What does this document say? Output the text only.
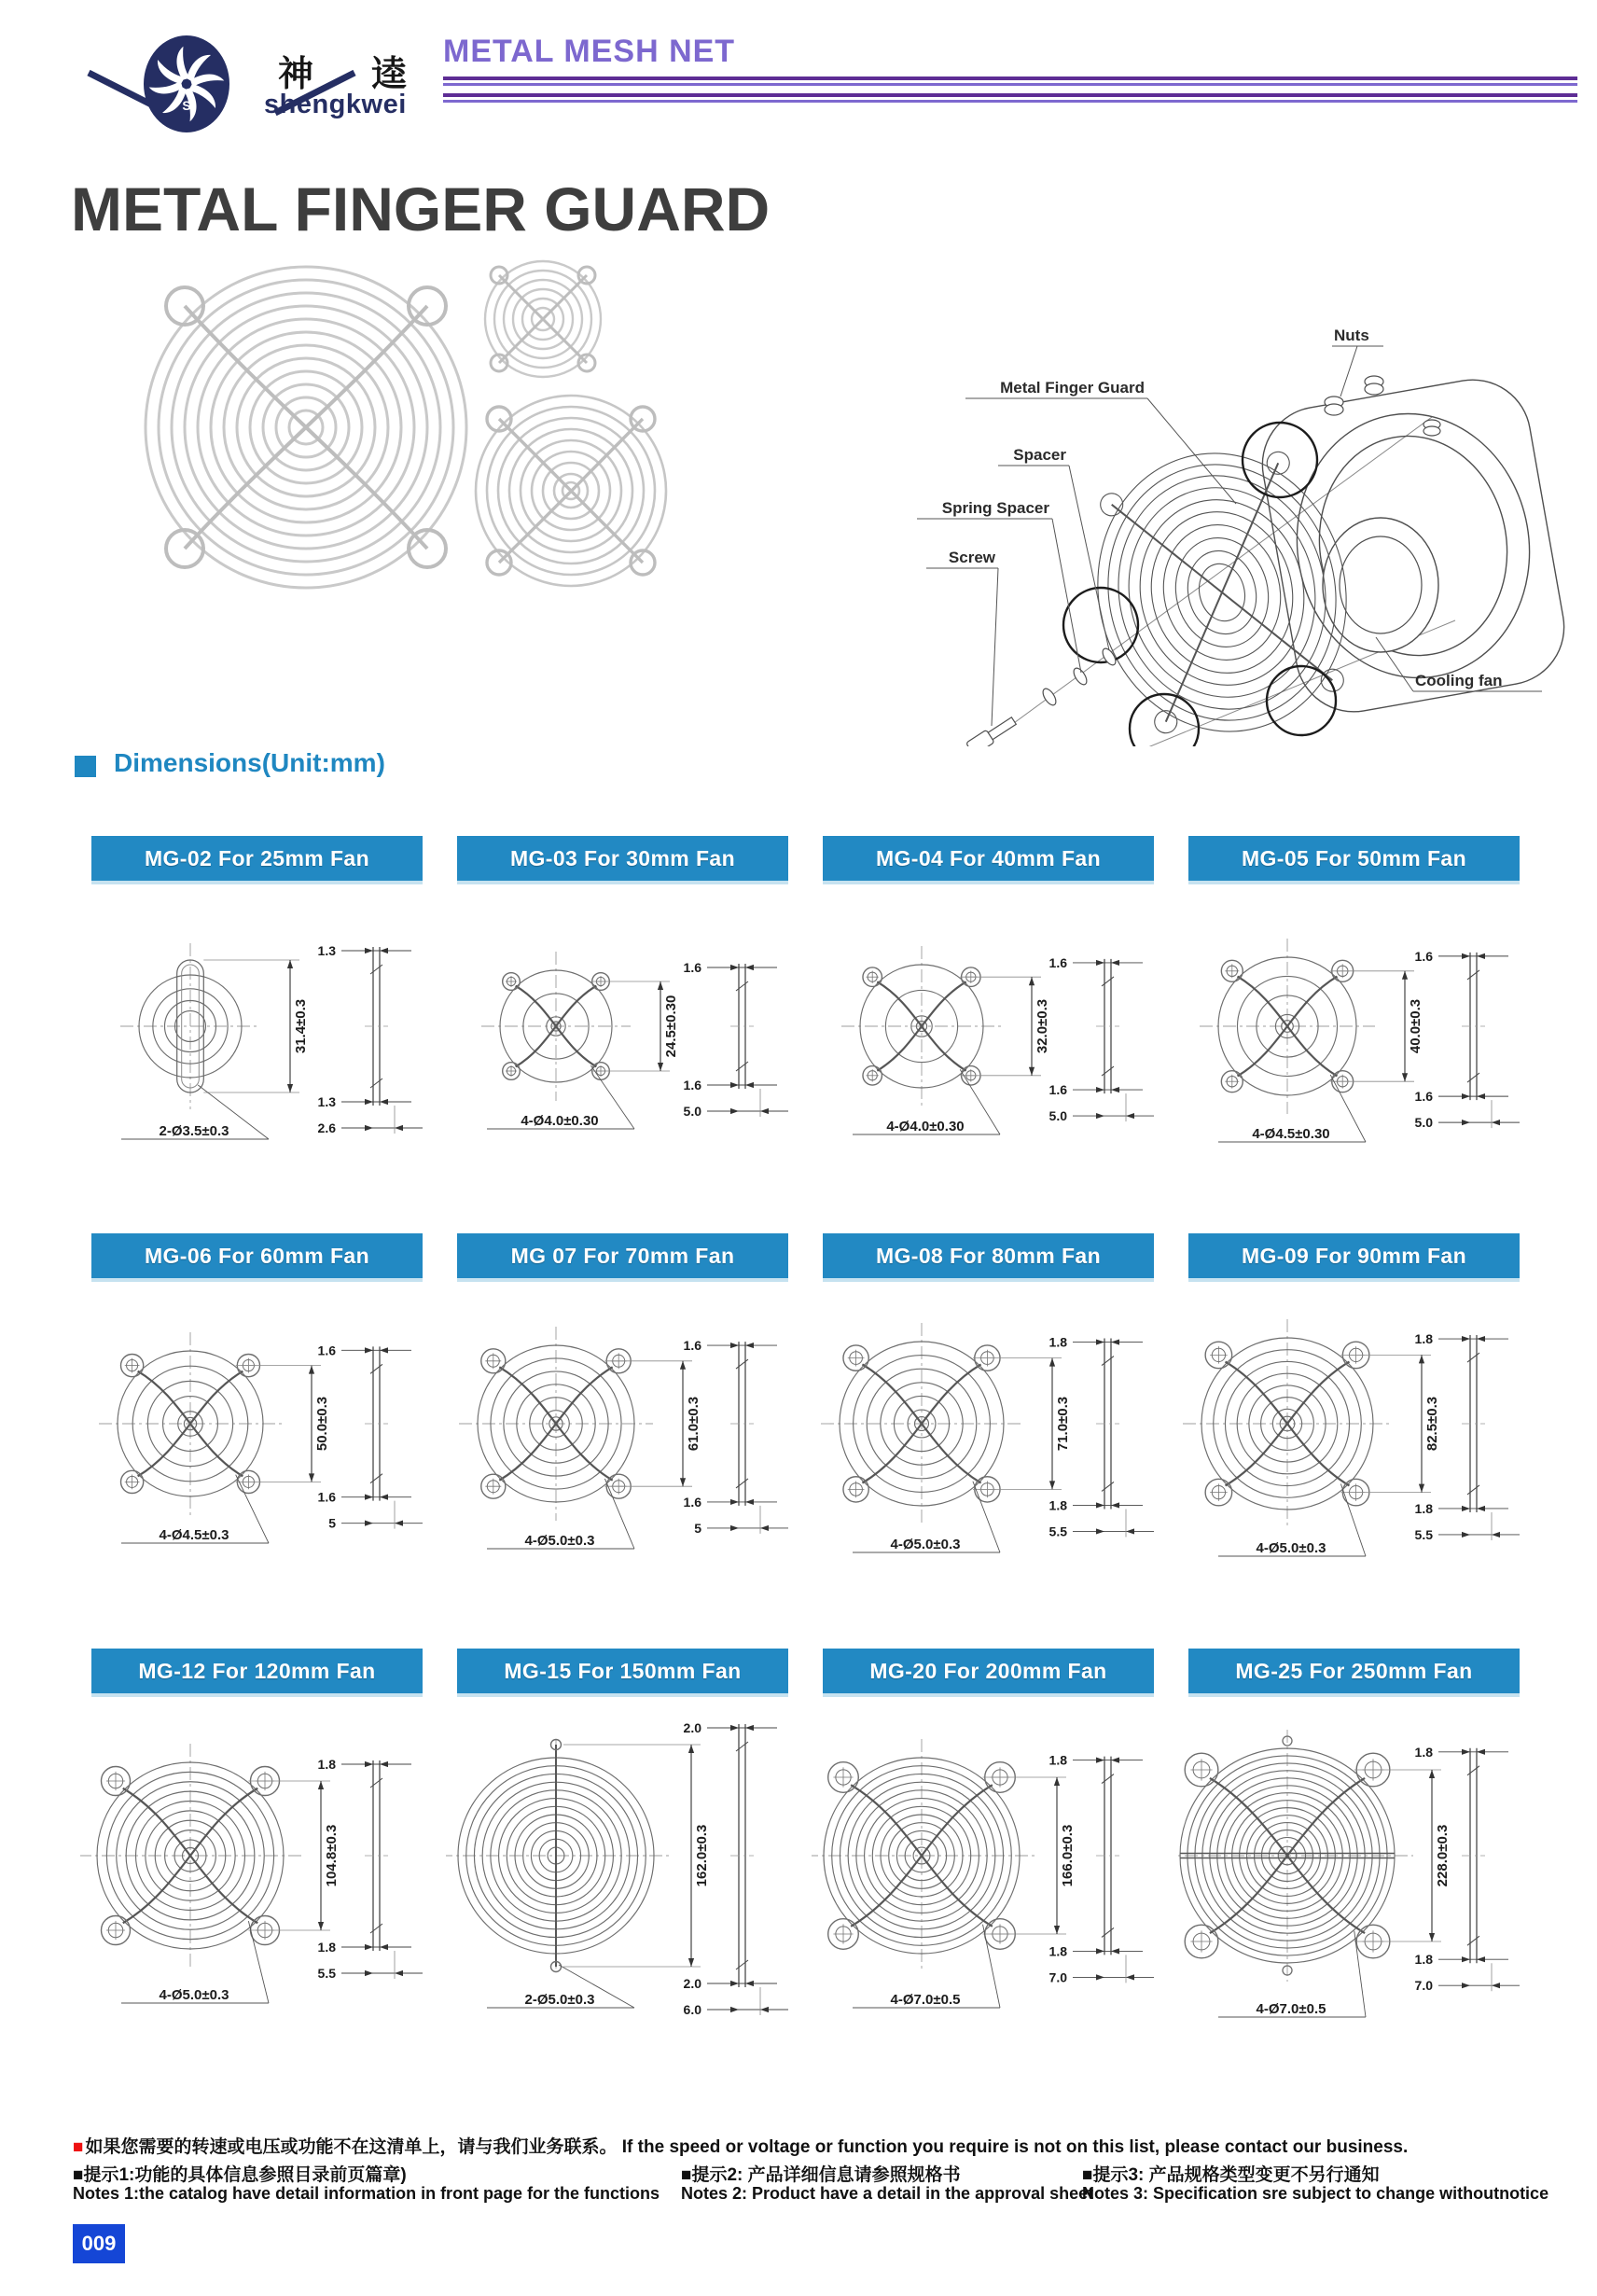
S
神 逵
shengkwei
METAL MESH NET
METAL FINGER GUARD
Nuts
Metal Finger Guard
Spacer
Spring Spacer
Screw
Cooling fan
Dimensions(Unit:mm)
MG-02 For 25mm Fan
31.4±0.3
2-Ø3.5±0.3
1.3
1.3
2.6
MG-03 For 30mm Fan
24.5±0.30
4-Ø4.0±0.30
1.6
1.6
5.0
MG-04 For 40mm Fan
32.0±0.3
4-Ø4.0±0.30
1.6
1.6
5.0
MG-05 For 50mm Fan
40.0±0.3
4-Ø4.5±0.30
1.6
1.6
5.0
MG-06 For 60mm Fan
50.0±0.3
4-Ø4.5±0.3
1.6
1.6
5
MG 07 For 70mm Fan
61.0±0.3
4-Ø5.0±0.3
1.6
1.6
5
MG-08 For 80mm Fan
71.0±0.3
4-Ø5.0±0.3
1.8
1.8
5.5
MG-09 For 90mm Fan
82.5±0.3
4-Ø5.0±0.3
1.8
1.8
5.5
MG-12 For 120mm Fan
104.8±0.3
4-Ø5.0±0.3
1.8
1.8
5.5
MG-15 For 150mm Fan
162.0±0.3
2-Ø5.0±0.3
2.0
2.0
6.0
MG-20 For 200mm Fan
166.0±0.3
4-Ø7.0±0.5
1.8
1.8
7.0
MG-25 For 250mm Fan
228.0±0.3
4-Ø7.0±0.5
1.8
1.8
7.0
■ 如果您需要的转速或电压或功能不在这清单上，请与我们业务联系。 If the speed or voltage or function you require is not on this list, please contact our business.
■提示1:功能的具体信息参照目录前页篇章)	■提示2: 产品详细信息请参照规格书	■提示3: 产品规格类型变更不另行通知
Notes 1:the catalog have detail information in front page for the functions Notes 2: Product have a detail in the approval sheet
Notes 3: Specification sre subject to change withoutnotice
009
